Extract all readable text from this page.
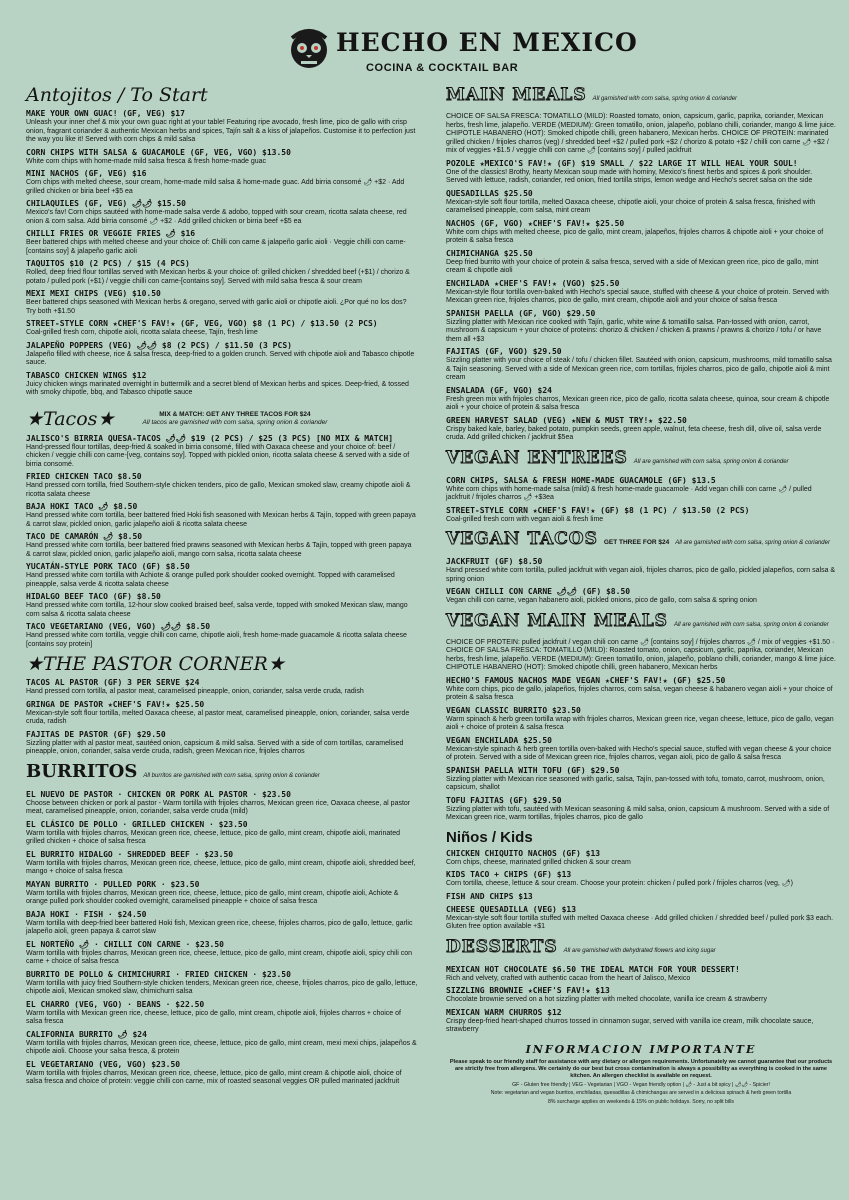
HECHO EN MEXICO
COCINA & COCKTAIL BAR
Antojitos / To Start
MAKE YOUR OWN GUAC! (GF, VEG) $17
Unleash your inner chef & mix your own guac right at your table! Featuring ripe avocado, fresh lime, pico de gallo with crisp onion, fragrant coriander & authentic Mexican herbs and spices, Tajín salt & a kiss of jalapeños. Customise it to perfection just the way you like it! Served with corn chips & mild salsa
CORN CHIPS WITH SALSA & GUACAMOLE (GF, VEG, VGO) $13.50
White corn chips with home-made mild salsa fresca & fresh home-made guac
MINI NACHOS (GF, VEG) $16
Corn chips with melted cheese, sour cream, home-made mild salsa & home-made guac. Add birria consomé 🌶 +$2 · Add grilled chicken or biria beef +$5 ea
CHILAQUILES (GF, VEG) 🌶🌶 $15.50
Mexico's fav! Corn chips sautéed with home-made salsa verde & adobo, topped with sour cream, ricotta salata cheese, red onion & corn salsa. Add birria consomé 🌶 +$2 · Add grilled chicken or birria beef +$5 ea
CHILLI FRIES OR VEGGIE FRIES 🌶 $16
Beer battered chips with melted cheese and your choice of: Chilli con carne & jalapeño garlic aioli · Veggie chilli con carne-[contains soy] & jalapeño garlic aioli
TAQUITOS $10 (2 PCS) / $15 (4 PCS)
Rolled, deep fried flour tortillas served with Mexican herbs & your choice of: grilled chicken / shredded beef (+$1) / chorizo & potato / pulled pork (+$1) / veggie chilli con carne-[contains soy]. Served with mild salsa fresca & sour cream
MEXI MEXI CHIPS (VEG) $10.50
Beer battered chips seasoned with Mexican herbs & oregano, served with garlic aioli or chipotle aioli. ¿Por qué no los dos? Try both +$1.50
STREET-STYLE CORN ★CHEF'S FAV!★ (GF, VEG, VGO) $8 (1 PC) / $13.50 (2 PCS)
Coal-grilled fresh corn, chipotle aioli, ricotta salata cheese, Tajín, fresh lime
JALAPEÑO POPPERS (VEG) 🌶🌶 $8 (2 PCS) / $11.50 (3 PCS)
Jalapeño filled with cheese, rice & salsa fresca, deep-fried to a golden crunch. Served with chipotle aioli and Tabasco chipotle sauce.
TABASCO CHICKEN WINGS $12
Juicy chicken wings marinated overnight in buttermilk and a secret blend of Mexican herbs and spices. Deep-fried, & tossed with smoky chipotle, bbq, and Tabasco chipotle sauce
★Tacos★	MIX & MATCH: GET ANY THREE TACOS FOR $24
All tacos are garnished with corn salsa, spring onion & coriander
JALISCO'S BIRRIA QUESA-TACOS 🌶🌶 $19 (2 PCS) / $25 (3 PCS) [NO MIX & MATCH]
Hand-pressed flour tortillas, deep-fried & soaked in birria consomé, filled with Oaxaca cheese and your choice of: beef / chicken / veggie chilli con carne-[veg, contains soy]. Topped with pickled onion, ricotta salata cheese & served with a side of birria consomé.
FRIED CHICKEN TACO $8.50
Hand pressed corn tortilla, fried Southern-style chicken tenders, pico de gallo, Mexican smoked slaw, creamy chipotle aioli & ricotta salata cheese
BAJA HOKI TACO 🌶 $8.50
Hand pressed white corn tortilla, beer battered fried Hoki fish seasoned with Mexican herbs & Tajín, topped with green papaya & carrot slaw, pickled onion, garlic jalapeño aioli & ricotta salata cheese
TACO DE CAMARÓN 🌶 $8.50
Hand pressed white corn tortilla, beer battered fried prawns seasoned with Mexican herbs & Tajín, topped with green papaya & carrot slaw, pickled onion, garlic jalapeño aioli, mango corn salsa, ricotta salata cheese
YUCATÁN-STYLE PORK TACO (GF) $8.50
Hand pressed white corn tortilla with Achiote & orange pulled pork shoulder cooked overnight. Topped with caramelised pineapple, salsa verde & ricotta salata cheese
HIDALGO BEEF TACO (GF) $8.50
Hand pressed white corn tortilla, 12-hour slow cooked braised beef, salsa verde, topped with smoked Mexican slaw, mango corn salsa & ricotta salata cheese
TACO VEGETARIANO (VEG, VGO) 🌶🌶 $8.50
Hand pressed white corn tortilla, veggie chilli con carne, chipotle aioli, fresh home-made guacamole & ricotta salata cheese [contains soy protein]
★THE PASTOR CORNER★
TACOS AL PASTOR (GF) 3 PER SERVE $24
Hand pressed corn tortilla, al pastor meat, caramelised pineapple, onion, coriander, salsa verde cruda, radish
GRINGA DE PASTOR ★CHEF'S FAV!★ $25.50
Mexican-style soft flour tortilla, melted Oaxaca cheese, al pastor meat, caramelised pineapple, onion, coriander, salsa verde cruda, radish
FAJITAS DE PASTOR (GF) $29.50
Sizzling platter with al pastor meat, sautéed onion, capsicum & mild salsa. Served with a side of corn tortillas, caramelised pineapple, onion, coriander, salsa verde cruda, radish, green Mexican rice, frijoles charros
BURRITOS All burritos are garnished with corn salsa, spring onion & coriander
EL NUEVO DE PASTOR · CHICKEN OR PORK AL PASTOR · $23.50
Choose between chicken or pork al pastor - Warm tortilla with frijoles charros, Mexican green rice, Oaxaca cheese, al pastor meat, caramelised pineapple, onion, coriander, salsa verde cruda (mild)
EL CLÁSICO DE POLLO · GRILLED CHICKEN · $23.50
Warm tortilla with frijoles charros, Mexican green rice, cheese, lettuce, pico de gallo, mint cream, chipotle aioli, marinated grilled chicken + choice of salsa fresca
EL BURRITO HIDALGO · SHREDDED BEEF · $23.50
Warm tortilla with frijoles charros, Mexican green rice, cheese, lettuce, pico de gallo, mint cream, chipotle aioli, shredded beef, mango + choice of salsa fresca
MAYAN BURRITO · PULLED PORK · $23.50
Warm tortilla with frijoles charros, Mexican green rice, cheese, lettuce, pico de gallo, mint cream, chipotle aioli, Achiote & orange pulled pork shoulder cooked overnight, caramelised pineapple + choice of salsa fresca
BAJA HOKI · FISH · $24.50
Warm tortilla with deep-fried beer battered Hoki fish, Mexican green rice, cheese, frijoles charros, pico de gallo, lettuce, garlic jalapeño aioli, green papaya & carrot slaw
EL NORTEÑO 🌶 · CHILLI CON CARNE · $23.50
Warm tortilla with frijoles charros, Mexican green rice, cheese, lettuce, pico de gallo, mint cream, chipotle aioli, spicy chili con carne + choice of salsa fresca
BURRITO DE POLLO & CHIMICHURRI · FRIED CHICKEN · $23.50
Warm tortilla with juicy fried Southern-style chicken tenders, Mexican green rice, cheese, frijoles charros, pico de gallo, lettuce, chipotle aioli, Mexican smoked slaw, chimichurri salsa
EL CHARRO (VEG, VGO) · BEANS · $22.50
Warm tortilla with Mexican green rice, cheese, lettuce, pico de gallo, mint cream, chipotle aioli, frijoles charros + choice of salsa fresca
CALIFORNIA BURRITO 🌶 $24
Warm tortilla with frijoles charros, Mexican green rice, cheese, lettuce, pico de gallo, mint cream, mexi mexi chips, jalapeños & chipotle aioli. Choose your salsa fresca, & protein
EL VEGETARIANO (VEG, VGO) $23.50
Warm tortilla with frijoles charros, Mexican green rice, cheese, lettuce, pico de gallo, mint cream & chipotle aioli, choice of salsa fresca and choice of protein: veggie chilli con carne, mix of roasted seasonal veggies OR pulled marinated jackfruit
MAIN MEALS All garnished with corn salsa, spring onion & coriander
CHOICE OF SALSA FRESCA: TOMATILLO (MILD): Roasted tomato, onion, capsicum, garlic, paprika, coriander, Mexican herbs, fresh lime, jalapeño. VERDE (MEDIUM): Green tomatillo, onion, jalapeño, poblano chilli, coriander, mango & lime juice. CHIPOTLE HABANERO (HOT): Smoked chipotle chilli, green habanero, Mexican herbs. CHOICE OF PROTEIN: marinated grilled chicken / frijoles charros (veg) / shredded beef +$2 / pulled pork +$2 / chorizo & potato +$2 / chilli con carne 🌶 +$2 / mix of veggies +$1.5 / veggie chilli con carne 🌶 [contains soy] / pulled jackfruit
POZOLE ★MEXICO'S FAV!★ (GF) $19 SMALL / $22 LARGE IT WILL HEAL YOUR SOUL!
One of the classics! Brothy, hearty Mexican soup made with hominy, Mexico's finest herbs and spices & pork shoulder. Served with lettuce, radish, coriander, red onion, fried tortilla strips, lemon wedge and Hecho's secret salsa on the side
QUESADILLAS $25.50
Mexican-style soft flour tortilla, melted Oaxaca cheese, chipotle aioli, your choice of protein & salsa fresca, finished with caramelised pineapple, corn salsa, mint cream
NACHOS (GF, VGO) ★CHEF'S FAV!★ $25.50
White corn chips with melted cheese, pico de gallo, mint cream, jalapeños, frijoles charros & chipotle aioli + your choice of protein & salsa fresca
CHIMICHANGA $25.50
Deep fried burrito with your choice of protein & salsa fresca, served with a side of Mexican green rice, pico de gallo, mint cream & chipotle aioli
ENCHILADA ★CHEF'S FAV!★ (VGO) $25.50
Mexican-style flour tortilla oven-baked with Hecho's special sauce, stuffed with cheese & your choice of protein. Served with Mexican green rice, frijoles charros, pico de gallo, mint cream, chipotle aioli and your choice of salsa fresca
SPANISH PAELLA (GF, VGO) $29.50
Sizzling platter with Mexican rice cooked with Tajín, garlic, white wine & tomatillo salsa. Pan-tossed with onion, carrot, mushroom & capsicum + your choice of proteins: chorizo & chicken / chicken & prawns / prawns & chorizo / tofu / or have them all +$3
FAJITAS (GF, VGO) $29.50
Sizzling platter with your choice of steak / tofu / chicken fillet. Sautéed with onion, capsicum, mushrooms, mild tomatillo salsa & Tajín seasoning. Served with a side of Mexican green rice, corn tortillas, frijoles charros, pico de gallo, chipotle aioli & mint cream
ENSALADA (GF, VGO) $24
Fresh green mix with frijoles charros, Mexican green rice, pico de gallo, ricotta salata cheese, quinoa, sour cream & chipotle aioli + your choice of protein & salsa fresca
GREEN HARVEST SALAD (VEG) ★NEW & MUST TRY!★ $22.50
Crispy baked kale, barley, baked potato, pumpkin seeds, green apple, walnut, feta cheese, fresh dill, olive oil, salsa verde cruda. Add grilled chicken / jackfruit $5ea
VEGAN ENTREES All are garnished with corn salsa, spring onion & coriander
CORN CHIPS, SALSA & FRESH HOME-MADE GUACAMOLE (GF) $13.5
White corn chips with home-made salsa (mild) & fresh home-made guacamole · Add vegan chilli con carne 🌶 / pulled jackfruit / frijoles charros 🌶 +$3ea
STREET-STYLE CORN ★CHEF'S FAV!★ (GF) $8 (1 PC) / $13.50 (2 PCS)
Coal-grilled fresh corn with vegan aioli & fresh lime
VEGAN TACOS GET THREE FOR $24 All are garnished with corn salsa, spring onion & coriander
JACKFRUIT (GF) $8.50
Hand pressed white corn tortilla, pulled jackfruit with vegan aioli, frijoles charros, pico de gallo, pickled jalapeños, corn salsa & spring onion
VEGAN CHILLI CON CARNE 🌶🌶 (GF) $8.50
Vegan chilli con carne, vegan habanero aioli, pickled onions, pico de gallo, corn salsa & spring onion
VEGAN MAIN MEALS All are garnished with corn salsa, spring onion & coriander
CHOICE OF PROTEIN: pulled jackfruit / vegan chili con carne 🌶 [contains soy] / frijoles charros 🌶 / mix of veggies +$1.50 · CHOICE OF SALSA FRESCA: TOMATILLO (MILD): Roasted tomato, onion, capsicum, garlic, paprika, coriander, Mexican herbs, fresh lime, jalapeño. VERDE (MEDIUM): Green tomatillo, onion, jalapeño, poblano chilli, coriander, mango & lime juice. CHIPOTLE HABANERO (HOT): Smoked chipotle chilli, green habanero, Mexican herbs
HECHO'S FAMOUS NACHOS MADE VEGAN ★CHEF'S FAV!★ (GF) $25.50
White corn chips, pico de gallo, jalapeños, frijoles charros, corn salsa, vegan cheese & habanero vegan aioli + your choice of protein & salsa fresca
VEGAN CLASSIC BURRITO $23.50
Warm spinach & herb green tortilla wrap with frijoles charros, Mexican green rice, vegan cheese, lettuce, pico de gallo, vegan aioli + choice of protein & salsa fresca
VEGAN ENCHILADA $25.50
Mexican-style spinach & herb green tortilla oven-baked with Hecho's special sauce, stuffed with vegan cheese & your choice of protein. Served with a side of Mexican green rice, frijoles charros, vegan aioli, pico de gallo & salsa fresca
SPANISH PAELLA WITH TOFU (GF) $29.50
Sizzling platter with Mexican rice seasoned with garlic, salsa, Tajín, pan-tossed with tofu, tomato, carrot, mushroom, onion, capsicum, shallot
TOFU FAJITAS (GF) $29.50
Sizzling platter with tofu, sautéed with Mexican seasoning & mild salsa, onion, capsicum & mushroom. Served with a side of Mexican green rice, warm tortillas, frijoles charros, pico de gallo
Niños / Kids
CHICKEN CHIQUITO NACHOS (GF) $13
Corn chips, cheese, marinated grilled chicken & sour cream
KIDS TACO + CHIPS (GF) $13
Corn tortilla, cheese, lettuce & sour cream. Choose your protein: chicken / pulled pork / frijoles charros (veg, 🌶)
FISH AND CHIPS $13
CHEESE QUESADILLA (VEG) $13
Mexican-style soft flour tortilla stuffed with melted Oaxaca cheese · Add grilled chicken / shredded beef / pulled pork $3 each. Gluten free option available +$1
DESSERTS All are garnished with dehydrated flowers and icing sugar
MEXICAN HOT CHOCOLATE $6.50 THE IDEAL MATCH FOR YOUR DESSERT!
Rich and velvety, crafted with authentic cacao from the heart of Jalisco, Mexico
SIZZLING BROWNIE ★CHEF'S FAV!★ $13
Chocolate brownie served on a hot sizzling platter with melted chocolate, vanilla ice cream & strawberry
MEXICAN WARM CHURROS $12
Crispy deep-fried heart-shaped churros tossed in cinnamon sugar, served with vanilla ice cream, milk chocolate sauce, strawberry
INFORMACION IMPORTANTE
Please speak to our friendly staff for assistance with any dietary or allergen requirements. Unfortunately we cannot guarantee that our products are strictly free from allergens. We certainly do our best but cross contamination is always a possibility as everything is cooked in the same kitchen. An allergen checklist is available on request.
GF - Gluten free friendly | VEG - Vegetarian | VGO - Vegan friendly option | 🌶 - Just a bit spicy | 🌶🌶 - Spicier!
Note: vegetarian and vegan burritos, enchiladas, quesadillas & chimichangas are served in a delicious spinach & herb green tortilla
8% surcharge applies on weekends & 15% on public holidays. Sorry, no split bills
